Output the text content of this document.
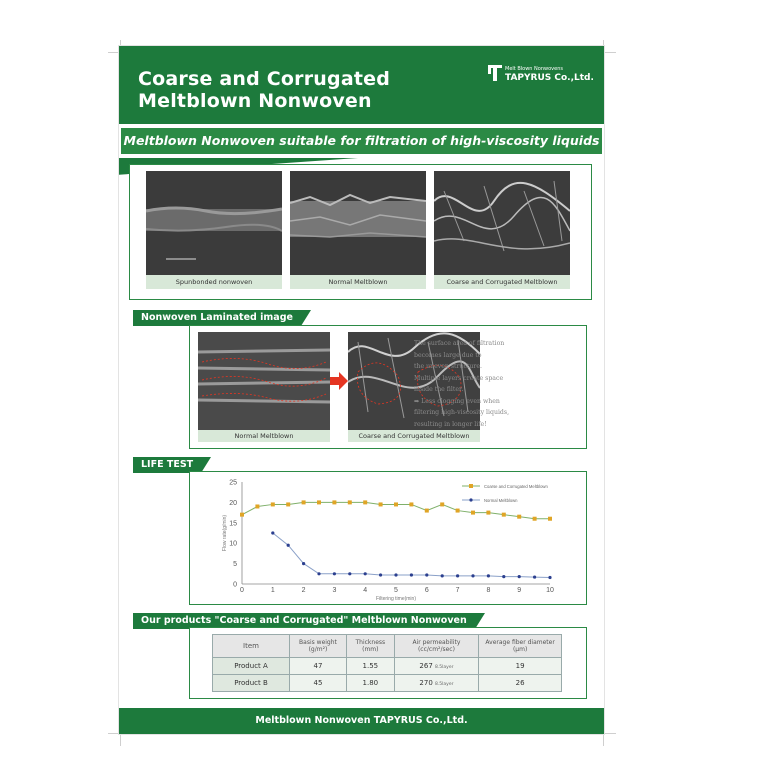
Coarse and Corrugated
Meltblown Nonwoven
Melt Blown Nonwovens
TAPYRUS Co.,Ltd.
Meltblown Nonwoven suitable for filtration of high-viscosity liquids
Spunbonded nonwoven	Normal Meltblown	Coarse and Corrugated Meltblown
Nonwoven Laminated image
Normal Meltblown	Coarse and Corrugated Meltblown
The surface area of filtration
becomes large due to
the uneven structure.
Multiple layers create space
inside the filter.
➡ Less clogging even when
filtering high-viscosity liquids,
resulting in longer life!
LIFE TEST
0
5
10
15
20
25
0	1	2	3	4	5	6	7	8	9	10
Filtering time(min)
Flow rate(g/min)
Coarse and Corrugated Meltblown
Normal Meltblown
Our products "Coarse and Corrugated" Meltblown Nonwoven
Item	Basis weight (g/m²)	Thickness (mm)	Air permeability (cc/cm²/sec)	Average fiber diameter (μm)
Product A	47	1.55	267 8.5layer	19
Product B	45	1.80	270 8.5layer	26
Meltblown Nonwoven TAPYRUS Co.,Ltd.
